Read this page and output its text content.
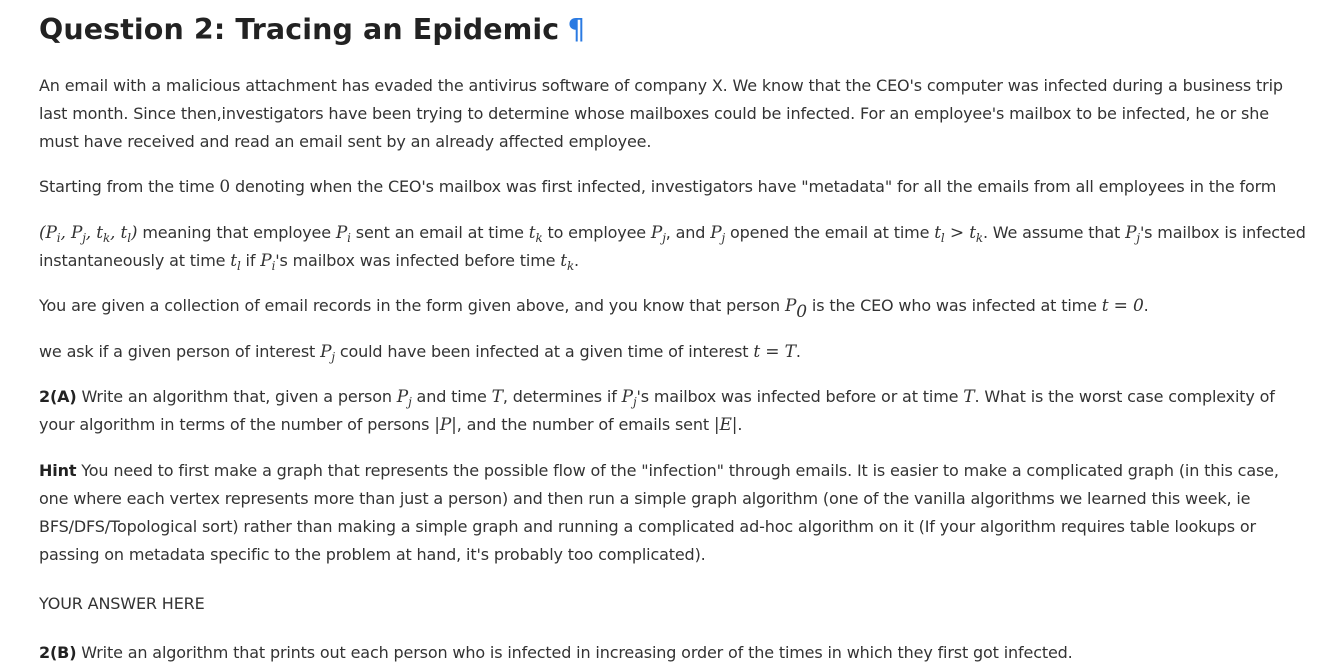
Question 2: Tracing an Epidemic ¶

An email with a malicious attachment has evaded the antivirus software of company X. We know that the CEO's computer was infected during a business trip last month. Since then,investigators have been trying to determine whose mailboxes could be infected. For an employee's mailbox to be infected, he or she must have received and read an email sent by an already affected employee.

Starting from the time 0 denoting when the CEO's mailbox was first infected, investigators have "metadata" for all the emails from all employees in the form

($P_i$, $P_j$, $t_k$, $t_l$) meaning that employee $P_i$ sent an email at time $t_k$ to employee $P_j$, and $P_j$ opened the email at time $t_l > t_k$. We assume that $P_j's$ mailbox is infected instantaneously at time $t_l$ if $P_i's$ mailbox was infected before time $t_k$.

You are given a collection of email records in the form given above, and you know that person $P_0$ is the CEO who was infected at time t = 0.

we ask if a given person of interest $P_j$ could have been infected at a given time of interest t = T.

2(A) Write an algorithm that, given a person $P_j$ and time T, determines if $P_j's$ mailbox was infected before or at time T. What is the worst case complexity of your algorithm in terms of the number of persons |P|, and the number of emails sent |E|.

Hint You need to first make a graph that represents the possible flow of the "infection" through emails. It is easier to make a complicated graph (in this case, one where each vertex represents more than just a person) and then run a simple graph algorithm (one of the vanilla algorithms we learned this week, ie BFS/DFS/Topological sort) rather than making a simple graph and running a complicated ad-hoc algorithm on it (If your algorithm requires table lookups or passing on metadata specific to the problem at hand, it's probably too complicated).

YOUR ANSWER HERE

2(B) Write an algorithm that prints out each person who is infected in increasing order of the times in which they first got infected.
